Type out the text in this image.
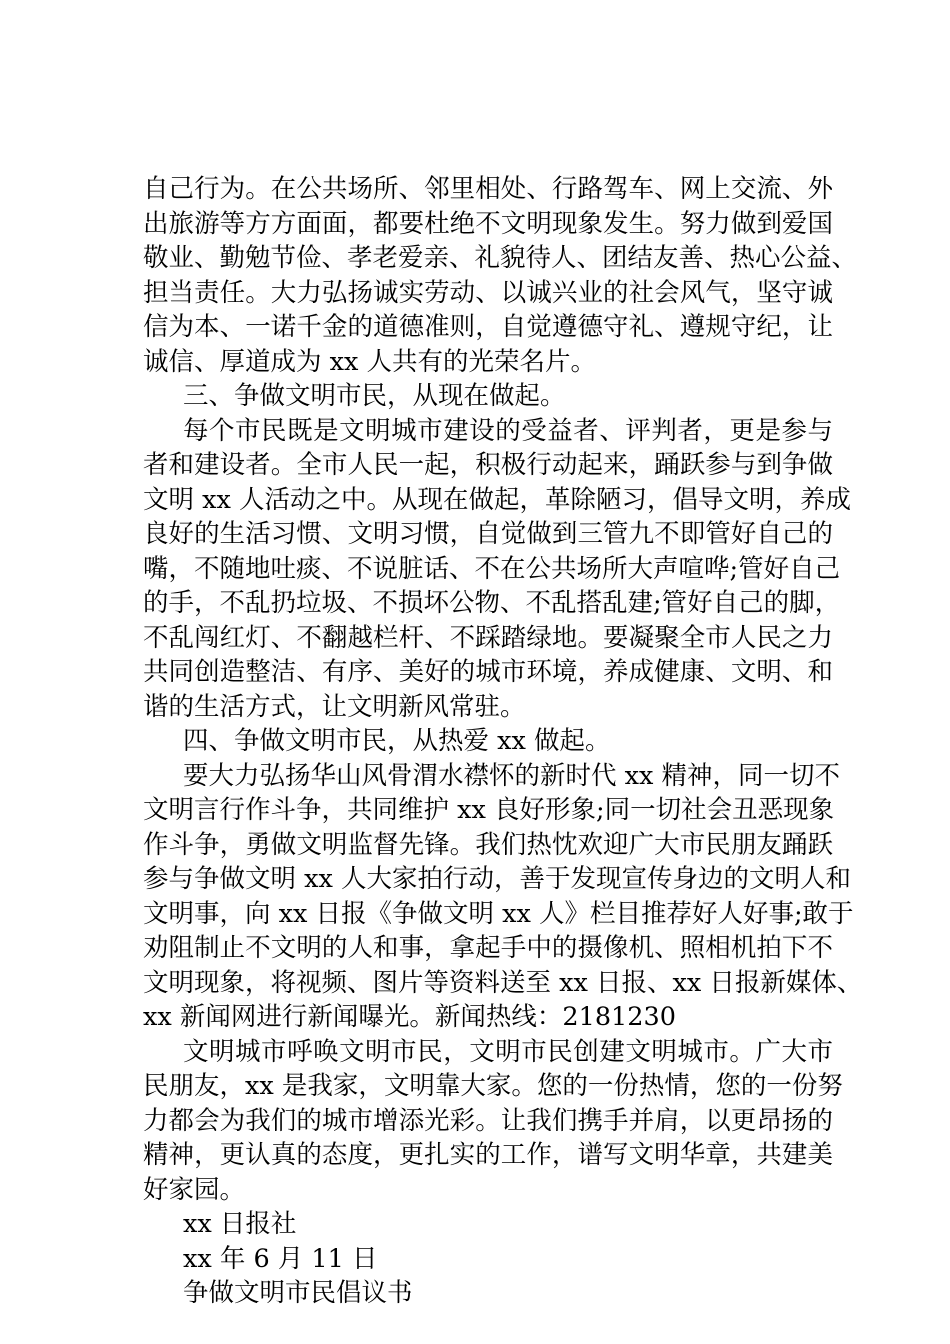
自己行为。在公共场所、邻里相处、行路驾车、网上交流、外
出旅游等方方面面，都要杜绝不文明现象发生。努力做到爱国
敬业、勤勉节俭、孝老爱亲、礼貌待人、团结友善、热心公益、
担当责任。大力弘扬诚实劳动、以诚兴业的社会风气，坚守诚
信为本、一诺千金的道德准则，自觉遵德守礼、遵规守纪，让
诚信、厚道成为 xx 人共有的光荣名片。
三、争做文明市民，从现在做起。
每个市民既是文明城市建设的受益者、评判者，更是参与
者和建设者。全市人民一起，积极行动起来，踊跃参与到争做
文明 xx 人活动之中。从现在做起，革除陋习，倡导文明，养成
良好的生活习惯、文明习惯，自觉做到三管九不即管好自己的
嘴，不随地吐痰、不说脏话、不在公共场所大声喧哗;管好自己
的手，不乱扔垃圾、不损坏公物、不乱搭乱建;管好自己的脚，
不乱闯红灯、不翻越栏杆、不踩踏绿地。要凝聚全市人民之力
共同创造整洁、有序、美好的城市环境，养成健康、文明、和
谐的生活方式，让文明新风常驻。
四、争做文明市民，从热爱 xx 做起。
要大力弘扬华山风骨渭水襟怀的新时代 xx 精神，同一切不
文明言行作斗争，共同维护 xx 良好形象;同一切社会丑恶现象
作斗争，勇做文明监督先锋。我们热忱欢迎广大市民朋友踊跃
参与争做文明 xx 人大家拍行动，善于发现宣传身边的文明人和
文明事，向 xx 日报《争做文明 xx 人》栏目推荐好人好事;敢于
劝阻制止不文明的人和事，拿起手中的摄像机、照相机拍下不
文明现象，将视频、图片等资料送至 xx 日报、xx 日报新媒体、
xx 新闻网进行新闻曝光。新闻热线：2181230
文明城市呼唤文明市民，文明市民创建文明城市。广大市
民朋友，xx 是我家，文明靠大家。您的一份热情，您的一份努
力都会为我们的城市增添光彩。让我们携手并肩，以更昂扬的
精神，更认真的态度，更扎实的工作，谱写文明华章，共建美
好家园。
xx 日报社
xx 年 6 月 11 日
争做文明市民倡议书
